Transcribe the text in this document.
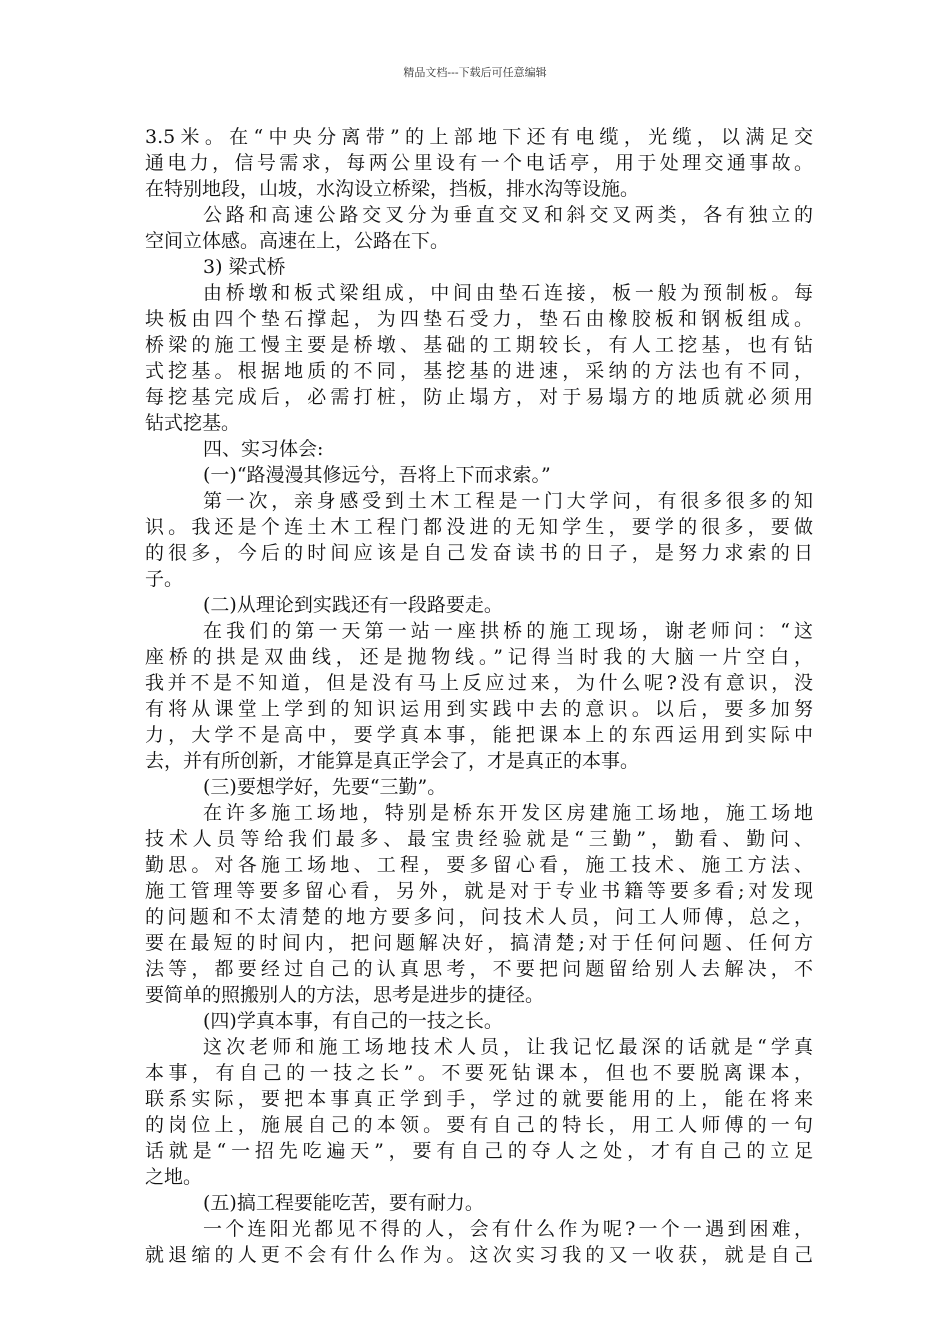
精品文档---下载后可任意编辑
3.5米。在“中央分离带”的上部地下还有电缆，光缆，以满足交
通电力，信号需求，每两公里设有一个电话亭，用于处理交通事故。
在特别地段，山坡，水沟设立桥梁，挡板，排水沟等设施。
公路和高速公路交叉分为垂直交叉和斜交叉两类，各有独立的
空间立体感。高速在上，公路在下。
3) 梁式桥
由桥墩和板式梁组成，中间由垫石连接，板一般为预制板。每
块板由四个垫石撑起，为四垫石受力，垫石由橡胶板和钢板组成。
桥梁的施工慢主要是桥墩、基础的工期较长，有人工挖基，也有钻
式挖基。根据地质的不同，基挖基的进速，采纳的方法也有不同，
每挖基完成后，必需打桩，防止塌方，对于易塌方的地质就必须用
钻式挖基。
四、实习体会:
(一)“路漫漫其修远兮，吾将上下而求索。”
第一次，亲身感受到土木工程是一门大学问，有很多很多的知
识。我还是个连土木工程门都没进的无知学生，要学的很多，要做
的很多，今后的时间应该是自己发奋读书的日子，是努力求索的日
子。
(二)从理论到实践还有一段路要走。
在我们的第一天第一站一座拱桥的施工现场，谢老师问：“这
座桥的拱是双曲线，还是抛物线。”记得当时我的大脑一片空白，
我并不是不知道，但是没有马上反应过来，为什么呢?没有意识，没
有将从课堂上学到的知识运用到实践中去的意识。以后，要多加努
力，大学不是高中，要学真本事，能把课本上的东西运用到实际中
去，并有所创新，才能算是真正学会了，才是真正的本事。
(三)要想学好，先要“三勤”。
在许多施工场地，特别是桥东开发区房建施工场地，施工场地
技术人员等给我们最多、最宝贵经验就是“三勤”，勤看、勤问、
勤思。对各施工场地、工程，要多留心看，施工技术、施工方法、
施工管理等要多留心看，另外，就是对于专业书籍等要多看;对发现
的问题和不太清楚的地方要多问，问技术人员，问工人师傅，总之，
要在最短的时间内，把问题解决好，搞清楚;对于任何问题、任何方
法等，都要经过自己的认真思考，不要把问题留给别人去解决，不
要简单的照搬别人的方法，思考是进步的捷径。
(四)学真本事，有自己的一技之长。
这次老师和施工场地技术人员，让我记忆最深的话就是“学真
本事，有自己的一技之长”。不要死钻课本，但也不要脱离课本，
联系实际，要把本事真正学到手，学过的就要能用的上，能在将来
的岗位上，施展自己的本领。要有自己的特长，用工人师傅的一句
话就是“一招先吃遍天”，要有自己的夺人之处，才有自己的立足
之地。
(五)搞工程要能吃苦，要有耐力。
一个连阳光都见不得的人，会有什么作为呢?一个一遇到困难，
就退缩的人更不会有什么作为。这次实习我的又一收获，就是自己
